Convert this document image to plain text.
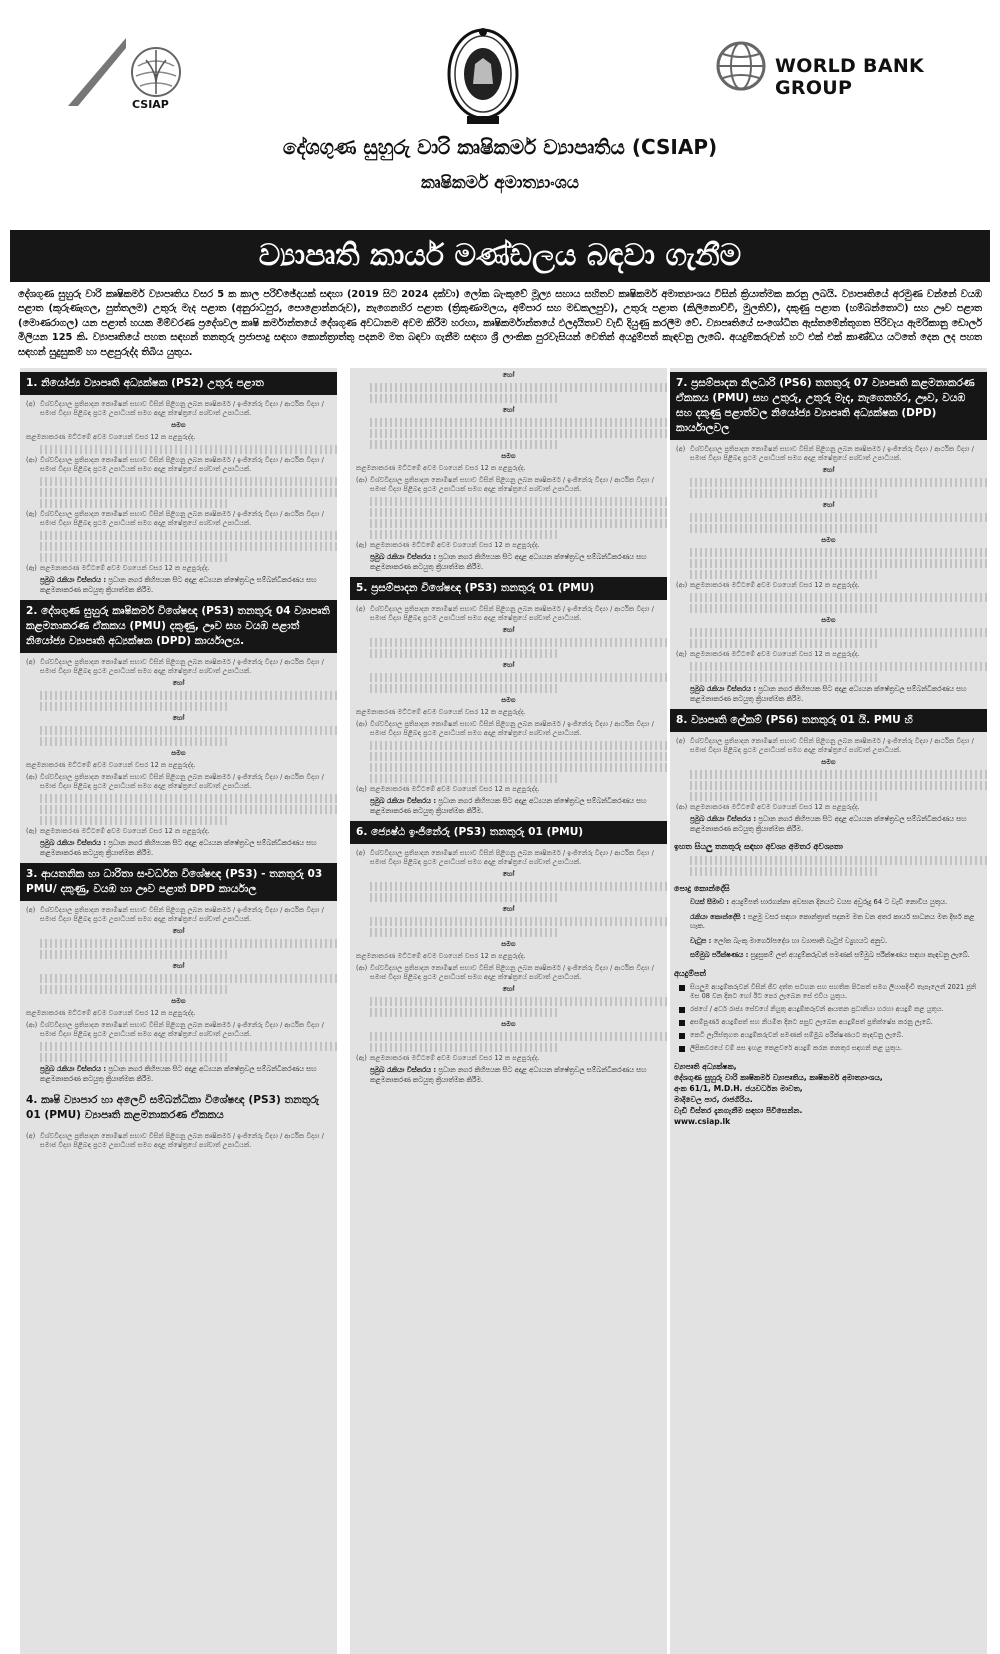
CSIAP
WORLD BANK GROUP
දේශගුණ සුහුරු වාරි කෘෂිකර්ම ව්‍යාපෘතිය (CSIAP)
කෘෂිකර්ම අමාත්‍යාංශය
ව්‍යාපෘති කාර්ය මණ්ඩලය බඳවා ගැනීම
දේශගුණ සුහුරු වාරි කෘෂිකර්ම ව්‍යාපෘතිය වසර 5 ක කාල පරිච්ඡේදයක් සඳහා (2019 සිට 2024 දක්වා) ලෝක බැංකුවේ මූල්‍ය සහාය සහිතව කෘෂිකර්ම අමාත්‍යාංශය විසින් ක්‍රියාත්මක කරනු ලබයි. ව්‍යාපෘතියේ අරමුණ වන්නේ වයඹ පළාත (කුරුණෑගල, පුත්තලම) උතුරු මැද පළාත (අනුරාධපුර, පොළොන්නරුව), නැගෙනහිර පළාත (ත්‍රිකුණාමලය, අම්පාර සහ මඩකලපුව), උතුරු පළාත (කිලිනොච්චි, මුලතිව්), දකුණු පළාත (හම්බන්තොට) සහ ඌව පළාත (මොණරාගල) යන පළාත් හයක මිම්වරණ ප්‍රදේශවල කෘෂි කර්මාන්තයේ දේශගුණ අවධානම අවම කිරීම හරහා, කෘෂිකර්මාන්තයේ ඵලදායිතාව වැඩි දියුණු කරලීම වේ. ව්‍යාපෘතියේ සංශෝධිත ඇස්තමේන්තුගත පිරිවැය ඇමරිකානු ඩොලර් මිලියන 125 කි. ව්‍යාපෘතියේ පහත සඳහන් තනතුරු ප්‍රජාපාදු සඳහා කොන්ත්‍රාත්තු පදනම මත බඳවා ගැනීම සඳහා ශ්‍රී ලාංකික පුරවැසියන් වෙතින් අයදුම්පත් කැඳවනු ලැබේ. අයදුම්කරුවන් හට එක් එක් කාණ්ඩය යටතේ දෙන ලද පහත සඳහන් සුදුසුකම් හා පළපුරුද්ද තිබිය යුතුය.
1. නියෝජ්‍ය ව්‍යාපෘති අධ්‍යක්ෂක (PS2) උතුරු පළාත
(අ) විශ්වවිද්‍යාල ප්‍රතිපාදන කොමිෂන් සභාව විසින් පිළිගනු ලබන කෘෂිකර්ම / ඉංජිනේරු විද්‍යා / ආර්ථික විද්‍යා / සමාජ විද්‍යා පිළිබඳ ප්‍රථම උපාධියක් සමග අදාළ ක්ෂේත්‍රයේ පශ්චාත් උපාධියක්.
සමග
කළමනාකරණ මට්ටමේ අවම වශයෙන් වසර 12 ක පළපුරුද්ද.
(ආ) විශ්වවිද්‍යාල ප්‍රතිපාදන කොමිෂන් සභාව විසින් පිළිගනු ලබන කෘෂිකර්ම / ඉංජිනේරු විද්‍යා / ආර්ථික විද්‍යා / සමාජ විද්‍යා පිළිබඳ ප්‍රථම උපාධියක් සමග අදාළ ක්ෂේත්‍රයේ පශ්චාත් උපාධියක්.
(ඇ) විශ්වවිද්‍යාල ප්‍රතිපාදන කොමිෂන් සභාව විසින් පිළිගනු ලබන කෘෂිකර්ම / ඉංජිනේරු විද්‍යා / ආර්ථික විද්‍යා / සමාජ විද්‍යා පිළිබඳ ප්‍රථම උපාධියක් සමග අදාළ ක්ෂේත්‍රයේ පශ්චාත් උපාධියක්.
(ඈ) කළමනාකරණ මට්ටමේ අවම වශයෙන් වසර 12 ක පළපුරුද්ද.
ප්‍රමුඛ රැකියා විස්තරය : ප්‍රධාන නගර කිහිපයක සිට අදාළ අධ්‍යයන ක්ෂේත්‍රවල සම්බන්ධීකරණය සහ කළමනාකරණ කටයුතු ක්‍රියාත්මක කිරීම.
2. දේශගුණ සුහුරු කෘෂිකර්ම විශේෂඥ (PS3) තනතුරු 04 ව්‍යාපෘති කළමනාකරණ ඒකකය (PMU) දකුණු, ඌව සහ වයඹ පළාත් නියෝජ්‍ය ව්‍යාපෘති අධ්‍යක්ෂක (DPD) කාර්යාලය.
(අ) විශ්වවිද්‍යාල ප්‍රතිපාදන කොමිෂන් සභාව විසින් පිළිගනු ලබන කෘෂිකර්ම / ඉංජිනේරු විද්‍යා / ආර්ථික විද්‍යා / සමාජ විද්‍යා පිළිබඳ ප්‍රථම උපාධියක් සමග අදාළ ක්ෂේත්‍රයේ පශ්චාත් උපාධියක්.
හෝ
හෝ
සමග
කළමනාකරණ මට්ටමේ අවම වශයෙන් වසර 12 ක පළපුරුද්ද.
(ආ) විශ්වවිද්‍යාල ප්‍රතිපාදන කොමිෂන් සභාව විසින් පිළිගනු ලබන කෘෂිකර්ම / ඉංජිනේරු විද්‍යා / ආර්ථික විද්‍යා / සමාජ විද්‍යා පිළිබඳ ප්‍රථම උපාධියක් සමග අදාළ ක්ෂේත්‍රයේ පශ්චාත් උපාධියක්.
(ඇ) කළමනාකරණ මට්ටමේ අවම වශයෙන් වසර 12 ක පළපුරුද්ද.
ප්‍රමුඛ රැකියා විස්තරය : ප්‍රධාන නගර කිහිපයක සිට අදාළ අධ්‍යයන ක්ෂේත්‍රවල සම්බන්ධීකරණය සහ කළමනාකරණ කටයුතු ක්‍රියාත්මක කිරීම.
3. ආයතනික හා ධාරිතා සංවර්ධන විශේෂඥ (PS3) - තනතුරු 03 PMU/ දකුණු, වයඹ හා ඌව පළාත් DPD කාර්යාල
(අ) විශ්වවිද්‍යාල ප්‍රතිපාදන කොමිෂන් සභාව විසින් පිළිගනු ලබන කෘෂිකර්ම / ඉංජිනේරු විද්‍යා / ආර්ථික විද්‍යා / සමාජ විද්‍යා පිළිබඳ ප්‍රථම උපාධියක් සමග අදාළ ක්ෂේත්‍රයේ පශ්චාත් උපාධියක්.
හෝ
හෝ
සමග
කළමනාකරණ මට්ටමේ අවම වශයෙන් වසර 12 ක පළපුරුද්ද.
(ආ) විශ්වවිද්‍යාල ප්‍රතිපාදන කොමිෂන් සභාව විසින් පිළිගනු ලබන කෘෂිකර්ම / ඉංජිනේරු විද්‍යා / ආර්ථික විද්‍යා / සමාජ විද්‍යා පිළිබඳ ප්‍රථම උපාධියක් සමග අදාළ ක්ෂේත්‍රයේ පශ්චාත් උපාධියක්.
ප්‍රමුඛ රැකියා විස්තරය : ප්‍රධාන නගර කිහිපයක සිට අදාළ අධ්‍යයන ක්ෂේත්‍රවල සම්බන්ධීකරණය සහ කළමනාකරණ කටයුතු ක්‍රියාත්මක කිරීම.
4. කෘෂි ව්‍යාපාර හා අලෙවි සම්බන්ධිකා විශේෂඥ (PS3) තනතුරු 01 (PMU) ව්‍යාපෘති කළමනාකරණ ඒකකය
(අ) විශ්වවිද්‍යාල ප්‍රතිපාදන කොමිෂන් සභාව විසින් පිළිගනු ලබන කෘෂිකර්ම / ඉංජිනේරු විද්‍යා / ආර්ථික විද්‍යා / සමාජ විද්‍යා පිළිබඳ ප්‍රථම උපාධියක් සමග අදාළ ක්ෂේත්‍රයේ පශ්චාත් උපාධියක්.
හෝ
හෝ
සමග
කළමනාකරණ මට්ටමේ අවම වශයෙන් වසර 12 ක පළපුරුද්ද.
(ආ) විශ්වවිද්‍යාල ප්‍රතිපාදන කොමිෂන් සභාව විසින් පිළිගනු ලබන කෘෂිකර්ම / ඉංජිනේරු විද්‍යා / ආර්ථික විද්‍යා / සමාජ විද්‍යා පිළිබඳ ප්‍රථම උපාධියක් සමග අදාළ ක්ෂේත්‍රයේ පශ්චාත් උපාධියක්.
(ඇ) කළමනාකරණ මට්ටමේ අවම වශයෙන් වසර 12 ක පළපුරුද්ද.
ප්‍රමුඛ රැකියා විස්තරය : ප්‍රධාන නගර කිහිපයක සිට අදාළ අධ්‍යයන ක්ෂේත්‍රවල සම්බන්ධීකරණය සහ කළමනාකරණ කටයුතු ක්‍රියාත්මක කිරීම.
5. ප්‍රසම්පාදන විශේෂඥ (PS3) තනතුරු 01 (PMU)
(අ) විශ්වවිද්‍යාල ප්‍රතිපාදන කොමිෂන් සභාව විසින් පිළිගනු ලබන කෘෂිකර්ම / ඉංජිනේරු විද්‍යා / ආර්ථික විද්‍යා / සමාජ විද්‍යා පිළිබඳ ප්‍රථම උපාධියක් සමග අදාළ ක්ෂේත්‍රයේ පශ්චාත් උපාධියක්.
හෝ
හෝ
සමග
කළමනාකරණ මට්ටමේ අවම වශයෙන් වසර 12 ක පළපුරුද්ද.
(ආ) විශ්වවිද්‍යාල ප්‍රතිපාදන කොමිෂන් සභාව විසින් පිළිගනු ලබන කෘෂිකර්ම / ඉංජිනේරු විද්‍යා / ආර්ථික විද්‍යා / සමාජ විද්‍යා පිළිබඳ ප්‍රථම උපාධියක් සමග අදාළ ක්ෂේත්‍රයේ පශ්චාත් උපාධියක්.
(ඇ) කළමනාකරණ මට්ටමේ අවම වශයෙන් වසර 12 ක පළපුරුද්ද.
ප්‍රමුඛ රැකියා විස්තරය : ප්‍රධාන නගර කිහිපයක සිට අදාළ අධ්‍යයන ක්ෂේත්‍රවල සම්බන්ධීකරණය සහ කළමනාකරණ කටයුතු ක්‍රියාත්මක කිරීම.
6. ජ්‍යෙෂ්ඨ ඉංජිනේරු (PS3) තනතුරු 01 (PMU)
(අ) විශ්වවිද්‍යාල ප්‍රතිපාදන කොමිෂන් සභාව විසින් පිළිගනු ලබන කෘෂිකර්ම / ඉංජිනේරු විද්‍යා / ආර්ථික විද්‍යා / සමාජ විද්‍යා පිළිබඳ ප්‍රථම උපාධියක් සමග අදාළ ක්ෂේත්‍රයේ පශ්චාත් උපාධියක්.
හෝ
හෝ
සමග
කළමනාකරණ මට්ටමේ අවම වශයෙන් වසර 12 ක පළපුරුද්ද.
(ආ) විශ්වවිද්‍යාල ප්‍රතිපාදන කොමිෂන් සභාව විසින් පිළිගනු ලබන කෘෂිකර්ම / ඉංජිනේරු විද්‍යා / ආර්ථික විද්‍යා / සමාජ විද්‍යා පිළිබඳ ප්‍රථම උපාධියක් සමග අදාළ ක්ෂේත්‍රයේ පශ්චාත් උපාධියක්.
හෝ
සමග
(ඇ) කළමනාකරණ මට්ටමේ අවම වශයෙන් වසර 12 ක පළපුරුද්ද.
ප්‍රමුඛ රැකියා විස්තරය : ප්‍රධාන නගර කිහිපයක සිට අදාළ අධ්‍යයන ක්ෂේත්‍රවල සම්බන්ධීකරණය සහ කළමනාකරණ කටයුතු ක්‍රියාත්මක කිරීම.
7. ප්‍රසම්පාදන නිලධාරි (PS6) තනතුරු 07 ව්‍යාපෘති කළමනාකරණ ඒකකය (PMU) සහ උතුරු, උතුරු මැද, නැගෙනහිර, ඌව, වයඹ සහ දකුණු පළාත්වල නියෝජ්‍ය ව්‍යාපෘති අධ්‍යක්ෂක (DPD) කාර්යාලවල
(අ) විශ්වවිද්‍යාල ප්‍රතිපාදන කොමිෂන් සභාව විසින් පිළිගනු ලබන කෘෂිකර්ම / ඉංජිනේරු විද්‍යා / ආර්ථික විද්‍යා / සමාජ විද්‍යා පිළිබඳ ප්‍රථම උපාධියක් සමග අදාළ ක්ෂේත්‍රයේ පශ්චාත් උපාධියක්.
හෝ
හෝ
සමග
(ආ) කළමනාකරණ මට්ටමේ අවම වශයෙන් වසර 12 ක පළපුරුද්ද.
සමග
(ඇ) කළමනාකරණ මට්ටමේ අවම වශයෙන් වසර 12 ක පළපුරුද්ද.
ප්‍රමුඛ රැකියා විස්තරය : ප්‍රධාන නගර කිහිපයක සිට අදාළ අධ්‍යයන ක්ෂේත්‍රවල සම්බන්ධීකරණය සහ කළමනාකරණ කටයුතු ක්‍රියාත්මක කිරීම.
8. ව්‍යාපෘති ලේකම් (PS6) තනතුරු 01 යි. PMU හි
(අ) විශ්වවිද්‍යාල ප්‍රතිපාදන කොමිෂන් සභාව විසින් පිළිගනු ලබන කෘෂිකර්ම / ඉංජිනේරු විද්‍යා / ආර්ථික විද්‍යා / සමාජ විද්‍යා පිළිබඳ ප්‍රථම උපාධියක් සමග අදාළ ක්ෂේත්‍රයේ පශ්චාත් උපාධියක්.
සමග
(ආ) කළමනාකරණ මට්ටමේ අවම වශයෙන් වසර 12 ක පළපුරුද්ද.
ප්‍රමුඛ රැකියා විස්තරය : ප්‍රධාන නගර කිහිපයක සිට අදාළ අධ්‍යයන ක්ෂේත්‍රවල සම්බන්ධීකරණය සහ කළමනාකරණ කටයුතු ක්‍රියාත්මක කිරීම.
ඉහත සියලු තනතුරු සඳහා අවශ්‍ය අමතර අවශ්‍යතා
පොදු කොන්දේසි
වයස් සීමාව : අයදුම්පත් භාරගන්නා අවසාන දිනයට වයස අවුරුදු 64 ට වැඩි නොවිය යුතුය.
රැකියා කොන්දේසි : පළමු වසර සඳහා කොන්ත්‍රාත් පදනම මත වන අතර කාර්ය සාධනය මත දීර්ඝ කළ හැක.
වැටුප : ලෝක බැංකු මාර්ගෝපදේශ හා ව්‍යාපෘති වැටුප් ව්‍යුහයට අනුව.
සම්මුඛ පරීක්ෂණය : සුදුසුකම් ලත් අයදුම්කරුවන් පමණක් සම්මුඛ පරීක්ෂණය සඳහා කැඳවනු ලැබේ.
අයදුම්පත්
සියලුම අයදුම්කරුවන් විසින් ජීව දත්ත සටහන සහ සහතික පිටපත් සමග ලියාපදිංචි තැපෑලෙන් 2021 ජූනි මස 08 වන දිනට හෝ ඊට පෙර ලැබෙන සේ එවිය යුතුය.
රජයේ / අර්ධ රාජ්‍ය සේවයේ නියුතු අයදුම්කරුවන් ආයතන ප්‍රධානියා හරහා අයදුම් කළ යුතුය.
අසම්පූර්ණ අයදුම්පත් සහ නියමිත දිනට පසුව ලැබෙන අයදුම්පත් ප්‍රතික්ෂේප කරනු ලැබේ.
කෙටි ලැයිස්තුගත අයදුම්කරුවන් පමණක් සම්මුඛ පරීක්ෂණයට කැඳවනු ලැබේ.
ලිපිකවරයේ වම් පස ඉහළ කෙළවරේ අයදුම් කරන තනතුර සඳහන් කළ යුතුය.
ව්‍යාපෘති අධ්‍යක්ෂක,
දේශගුණ සුහුරු වාරි කෘෂිකර්ම ව්‍යාපෘතිය, කෘෂිකර්ම අමාත්‍යාංශය,
අංක 61/1, M.D.H. ජයවර්ධන මාවත,
මාදිවෙල පාර, රාජගිරිය.
වැඩි විස්තර දැනගැනීම සඳහා පිවිසෙන්න.
www.csiap.lk
